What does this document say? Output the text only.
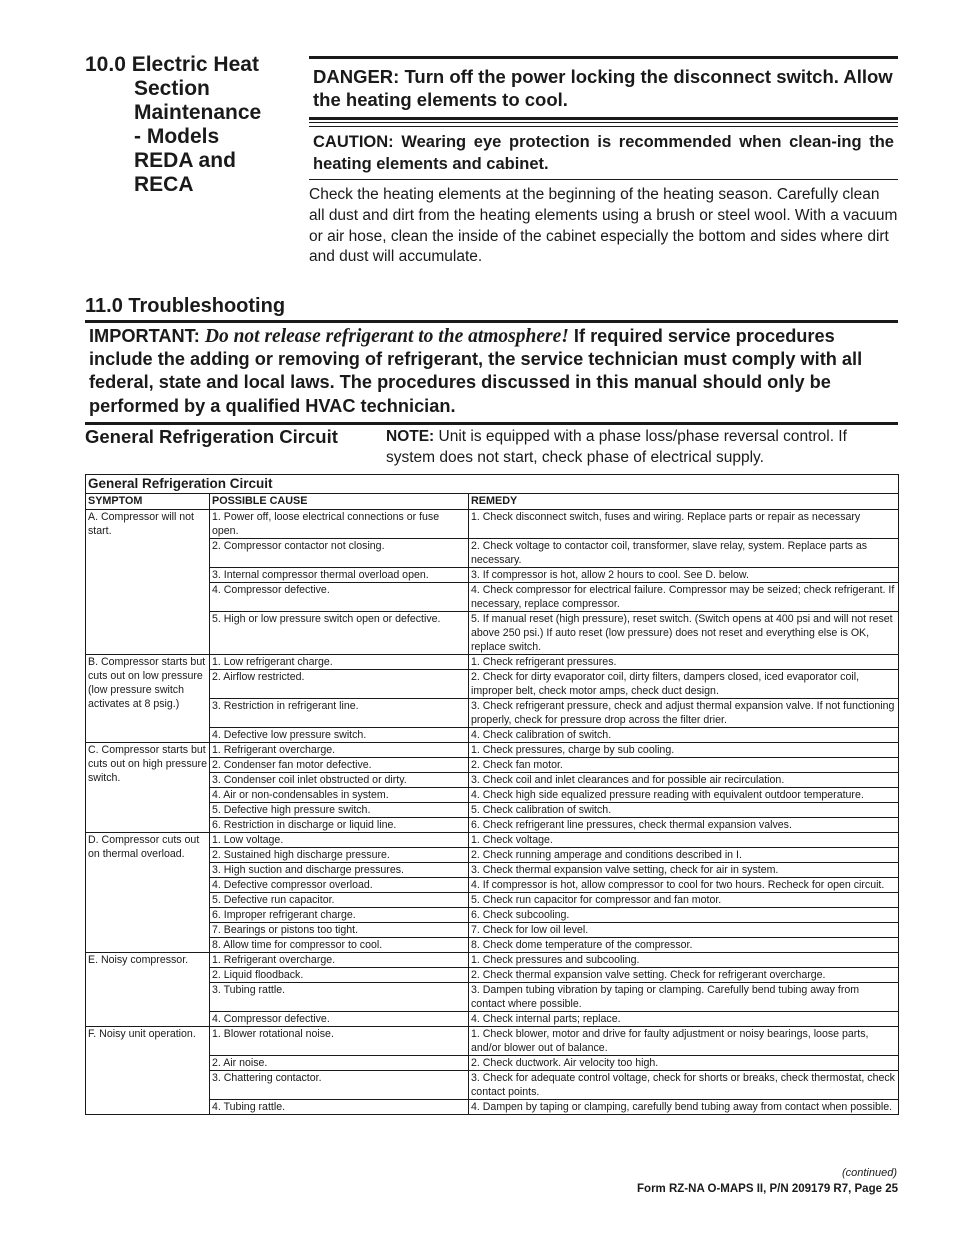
10.0 Electric Heat
Section
Maintenance
- Models
REDA and
RECA
DANGER: Turn off the power locking the disconnect switch. Allow the heating elements to cool.
CAUTION: Wearing eye protection is recommended when clean-ing the heating elements and cabinet.
Check the heating elements at the beginning of the heating season. Carefully clean all dust and dirt from the heating elements using a brush or steel wool. With a vacuum or air hose, clean the inside of the cabinet especially the bottom and sides where dirt and dust will accumulate.
11.0 Troubleshooting
IMPORTANT: Do not release refrigerant to the atmosphere! If required service procedures include the adding or removing of refrigerant, the service technician must comply with all federal, state and local laws. The procedures discussed in this manual should only be performed by a qualified HVAC technician.
General Refrigeration Circuit	NOTE: Unit is equipped with a phase loss/phase reversal control. If system does not start, check phase of electrical supply.
General Refrigeration Circuit		
SYMPTOM	POSSIBLE CAUSE	REMEDY
A. Compressor will not start.	1. Power off, loose electrical connections or fuse open.	1. Check disconnect switch, fuses and wiring. Replace parts or repair as necessary
	2. Compressor contactor not closing.	2. Check voltage to contactor coil, transformer, slave relay, system. Replace parts as necessary.
	3. Internal compressor thermal overload open.	3. If compressor is hot, allow 2 hours to cool. See D. below.
	4. Compressor defective.	4. Check compressor for electrical failure. Compressor may be seized; check refrigerant. If necessary, replace compressor.
	5. High or low pressure switch open or defective.	5. If manual reset (high pressure), reset switch. (Switch opens at 400 psi and will not reset above 250 psi.) If auto reset (low pressure) does not reset and everything else is OK, replace switch.
B. Compressor starts but cuts out on low pressure (low pressure switch activates at 8 psig.)	1. Low refrigerant charge.	1. Check refrigerant pressures.
	2. Airflow restricted.	2. Check for dirty evaporator coil, dirty filters, dampers closed, iced evaporator coil, improper belt, check motor amps, check duct design.
	3. Restriction in refrigerant line.	3. Check refrigerant pressure, check and adjust thermal expansion valve. If not functioning properly, check for pressure drop across the filter drier.
	4. Defective low pressure switch.	4. Check calibration of switch.
C. Compressor starts but cuts out on high pressure switch.	1. Refrigerant overcharge.	1. Check pressures, charge by sub cooling.
	2. Condenser fan motor defective.	2. Check fan motor.
	3. Condenser coil inlet obstructed or dirty.	3. Check coil and inlet clearances and for possible air recirculation.
	4. Air or non-condensables in system.	4. Check high side equalized pressure reading with equivalent outdoor temperature.
	5. Defective high pressure switch.	5. Check calibration of switch.
	6. Restriction in discharge or liquid line.	6. Check refrigerant line pressures, check thermal expansion valves.
D. Compressor cuts out on thermal overload.	1. Low voltage.	1. Check voltage.
	2. Sustained high discharge pressure.	2. Check running amperage and conditions described in I.
	3. High suction and discharge pressures.	3. Check thermal expansion valve setting, check for air in system.
	4. Defective compressor overload.	4. If compressor is hot, allow compressor to cool for two hours. Recheck for open circuit.
	5. Defective run capacitor.	5. Check run capacitor for compressor and fan motor.
	6. Improper refrigerant charge.	6. Check subcooling.
	7. Bearings or pistons too tight.	7. Check for low oil level.
	8. Allow time for compressor to cool.	8. Check dome temperature of the compressor.
E. Noisy compressor.	1. Refrigerant overcharge.	1. Check pressures and subcooling.
	2. Liquid floodback.	2. Check thermal expansion valve setting. Check for refrigerant overcharge.
	3. Tubing rattle.	3. Dampen tubing vibration by taping or clamping. Carefully bend tubing away from contact where possible.
	4. Compressor defective.	4. Check internal parts; replace.
F. Noisy unit operation.	1. Blower rotational noise.	1. Check blower, motor and drive for faulty adjustment or noisy bearings, loose parts, and/or blower out of balance.
	2. Air noise.	2. Check ductwork. Air velocity too high.
	3. Chattering contactor.	3. Check for adequate control voltage, check for shorts or breaks, check thermostat, check contact points.
	4. Tubing rattle.	4. Dampen by taping or clamping, carefully bend tubing away from contact when possible.
(continued)
Form RZ-NA O-MAPS II, P/N 209179 R7, Page 25
